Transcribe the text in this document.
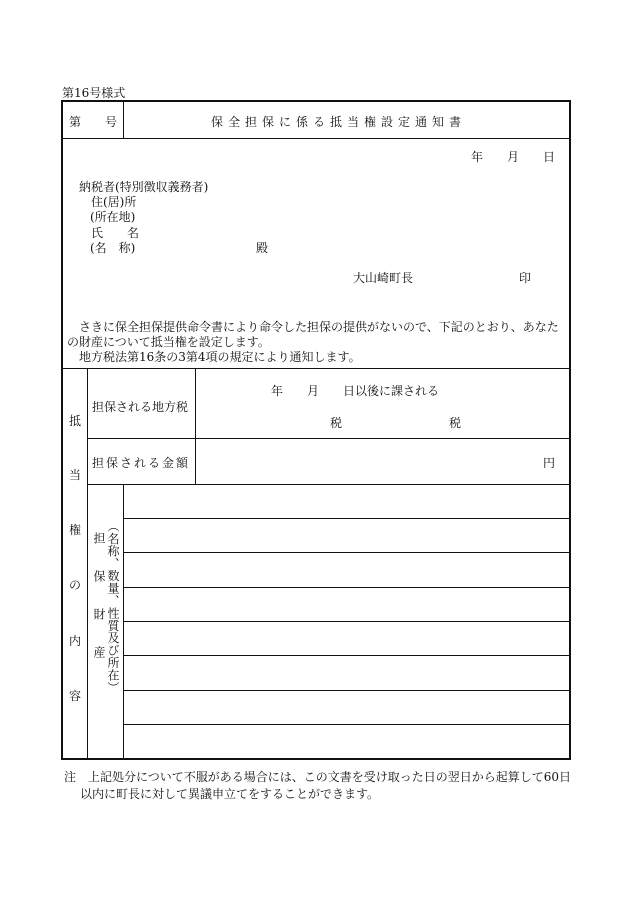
第16号様式
第　　号	保全担保に係る抵当権設定通知書
年　　月　　日
納税者(特別徴収義務者)
住(居)所
(所在地)
氏　　名
(名　称)	殿
大山崎町長	印
さきに保全担保提供命令書により命令した担保の提供がないので、下記のとおり、あなた
の財産について抵当権を設定します。
地方税法第16条の3第4項の規定により通知します。
抵
当
権
の
内
容
担保される地方税
年　　月　　日以後に課される
税	税
担保される金額	円
担保財産 （名称、数量、性質及び所在）
注　上記処分について不服がある場合には、この文書を受け取った日の翌日から起算して60日
以内に町長に対して異議申立てをすることができます。
